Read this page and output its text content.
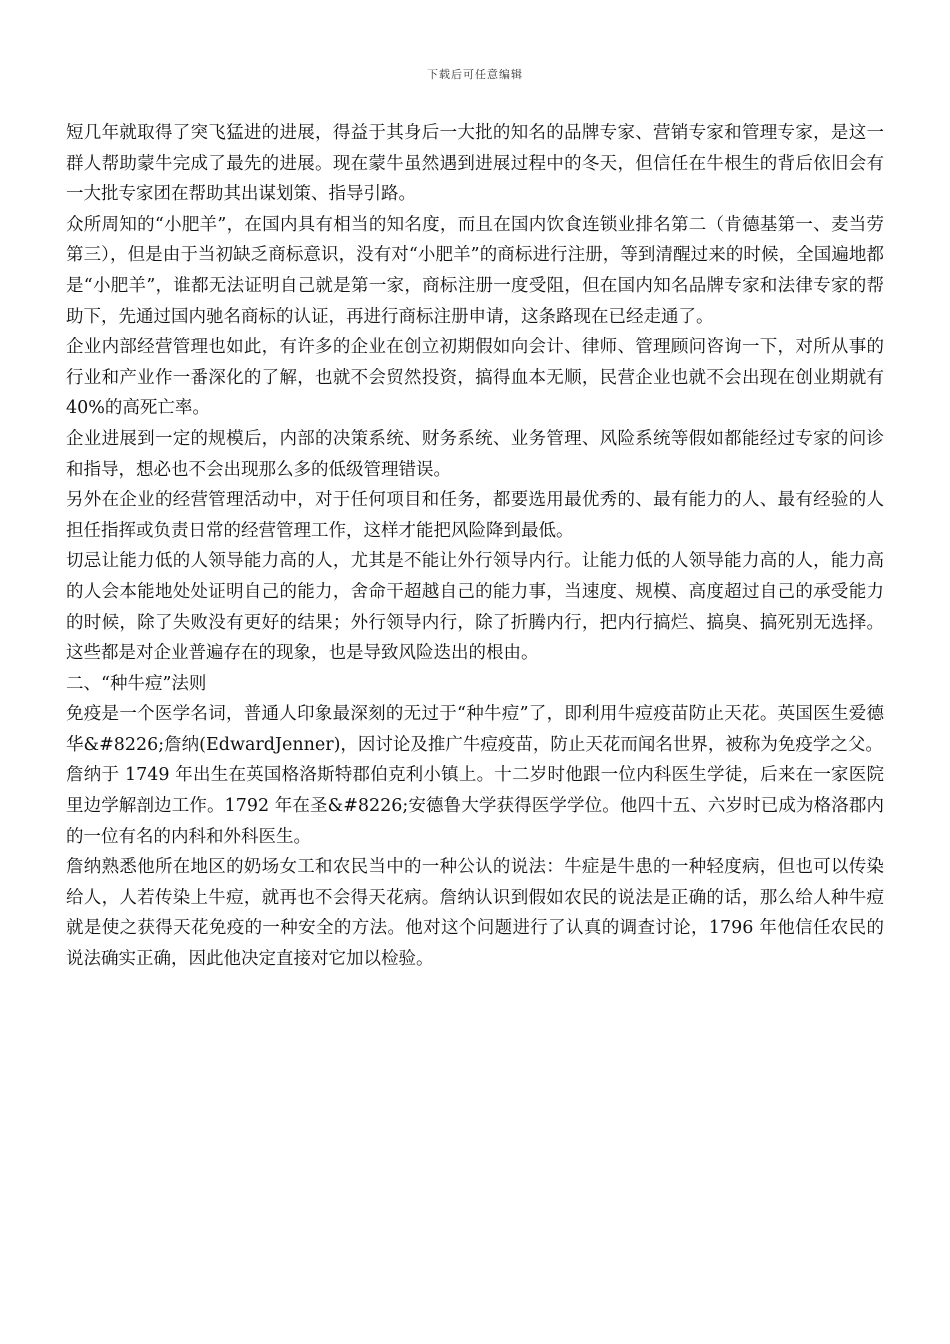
下载后可任意编辑

短几年就取得了突飞猛进的进展，得益于其身后一大批的知名的品牌专家、营销专家和管理专家，是这一群人帮助蒙牛完成了最先的进展。现在蒙牛虽然遇到进展过程中的冬天，但信任在牛根生的背后依旧会有一大批专家团在帮助其出谋划策、指导引路。

众所周知的“小肥羊”，在国内具有相当的知名度，而且在国内饮食连锁业排名第二（肯德基第一、麦当劳第三），但是由于当初缺乏商标意识，没有对“小肥羊”的商标进行注册，等到清醒过来的时候，全国遍地都是“小肥羊”，谁都无法证明自己就是第一家，商标注册一度受阻，但在国内知名品牌专家和法律专家的帮助下，先通过国内驰名商标的认证，再进行商标注册申请，这条路现在已经走通了。

企业内部经营管理也如此，有许多的企业在创立初期假如向会计、律师、管理顾问咨询一下，对所从事的行业和产业作一番深化的了解，也就不会贸然投资，搞得血本无顺，民营企业也就不会出现在创业期就有 40%的高死亡率。

企业进展到一定的规模后，内部的决策系统、财务系统、业务管理、风险系统等假如都能经过专家的问诊和指导，想必也不会出现那么多的低级管理错误。

另外在企业的经营管理活动中，对于任何项目和任务，都要选用最优秀的、最有能力的人、最有经验的人担任指挥或负责日常的经营管理工作，这样才能把风险降到最低。

切忌让能力低的人领导能力高的人，尤其是不能让外行领导内行。让能力低的人领导能力高的人，能力高的人会本能地处处证明自己的能力，舍命干超越自己的能力事，当速度、规模、高度超过自己的承受能力的时候，除了失败没有更好的结果；外行领导内行，除了折腾内行，把内行搞烂、搞臭、搞死别无选择。这些都是对企业普遍存在的现象，也是导致风险迭出的根由。

二、“种牛痘”法则

免疫是一个医学名词，普通人印象最深刻的无过于“种牛痘”了，即利用牛痘疫苗防止天花。英国医生爱德华&#8226;詹纳(EdwardJenner)，因讨论及推广牛痘疫苗，防止天花而闻名世界，被称为免疫学之父。

詹纳于 1749 年出生在英国格洛斯特郡伯克利小镇上。十二岁时他跟一位内科医生学徒，后来在一家医院里边学解剖边工作。1792 年在圣&#8226;安德鲁大学获得医学学位。他四十五、六岁时已成为格洛郡内的一位有名的内科和外科医生。

詹纳熟悉他所在地区的奶场女工和农民当中的一种公认的说法：牛症是牛患的一种轻度病，但也可以传染给人，人若传染上牛痘，就再也不会得天花病。詹纳认识到假如农民的说法是正确的话，那么给人种牛痘就是使之获得天花免疫的一种安全的方法。他对这个问题进行了认真的调查讨论，1796 年他信任农民的说法确实正确，因此他决定直接对它加以检验。
